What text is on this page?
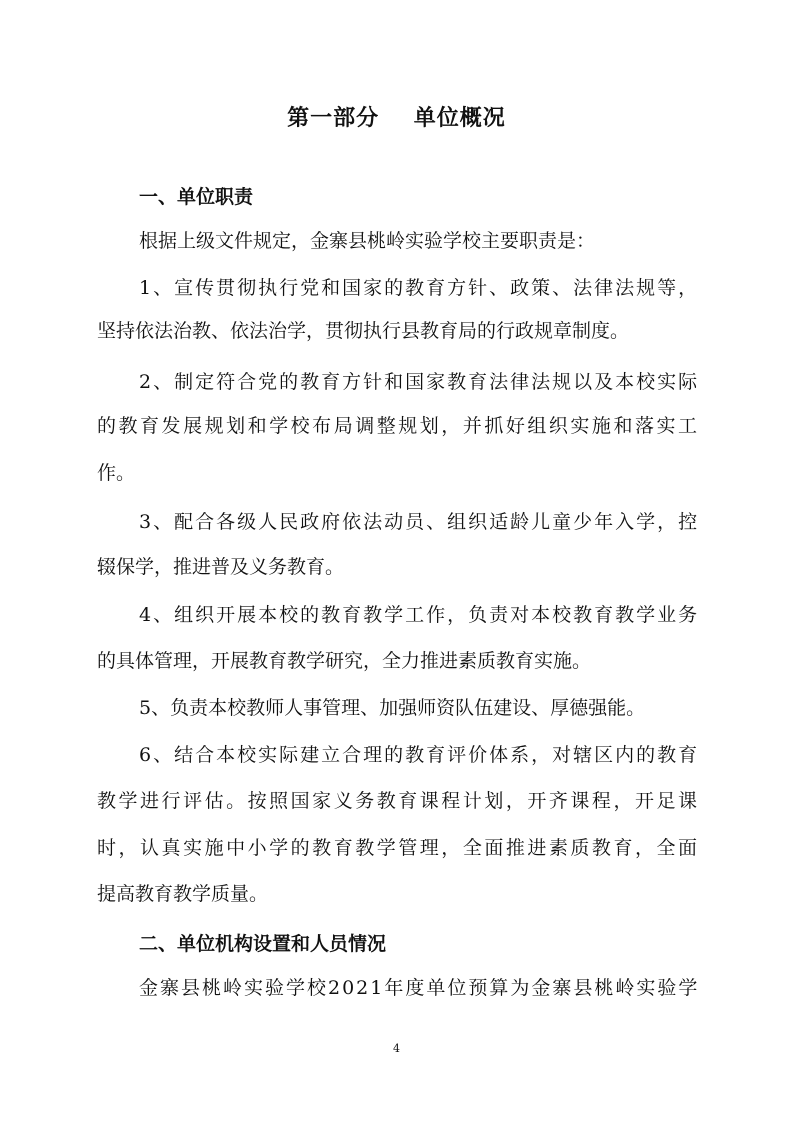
第一部分    单位概况
一、单位职责
根据上级文件规定，金寨县桃岭实验学校主要职责是：
1、宣传贯彻执行党和国家的教育方针、政策、法律法规等，
坚持依法治教、依法治学，贯彻执行县教育局的行政规章制度。
2、制定符合党的教育方针和国家教育法律法规以及本校实际
的教育发展规划和学校布局调整规划，并抓好组织实施和落实工
作。
3、配合各级人民政府依法动员、组织适龄儿童少年入学，控
辍保学，推进普及义务教育。
4、组织开展本校的教育教学工作，负责对本校教育教学业务
的具体管理，开展教育教学研究，全力推进素质教育实施。
5、负责本校教师人事管理、加强师资队伍建设、厚德强能。
6、结合本校实际建立合理的教育评价体系，对辖区内的教育
教学进行评估。按照国家义务教育课程计划，开齐课程，开足课
时，认真实施中小学的教育教学管理，全面推进素质教育，全面
提高教育教学质量。
二、单位机构设置和人员情况
金寨县桃岭实验学校2021年度单位预算为金寨县桃岭实验学
4
